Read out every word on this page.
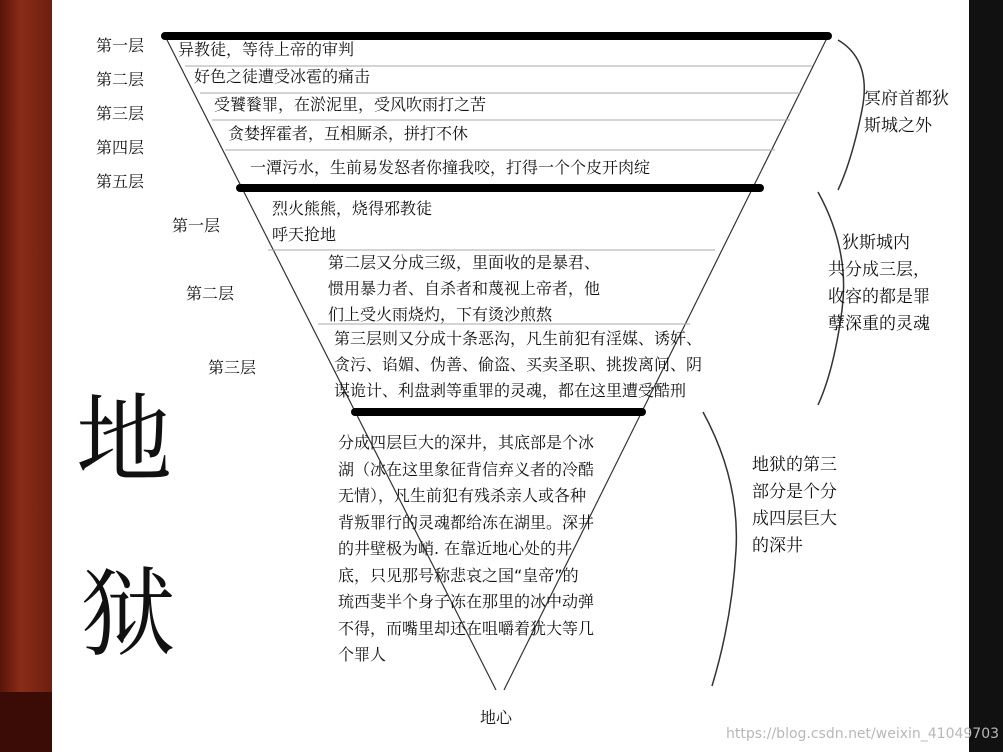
第一层
第二层
第三层
第四层
第五层
异教徒，等待上帝的审判
好色之徒遭受冰雹的痛击
受饕餮罪，在淤泥里，受风吹雨打之苦
贪婪挥霍者，互相厮杀，拼打不休
一潭污水，生前易发怒者你撞我咬，打得一个个皮开肉绽
冥府首都狄
斯城之外
第一层
第二层
第三层
烈火熊熊，烧得邪教徒
呼天抢地
第二层又分成三级，里面收的是暴君、
惯用暴力者、自杀者和蔑视上帝者，他
们上受火雨烧灼，下有烫沙煎熬
第三层则又分成十条恶沟，凡生前犯有淫媒、诱奸、
贪污、谄媚、伪善、偷盗、买卖圣职、挑拨离间、阴
谋诡计、利盘剥等重罪的灵魂，都在这里遭受酷刑
狄斯城内
共分成三层，
收容的都是罪
孽深重的灵魂
分成四层巨大的深井，其底部是个冰
湖（冰在这里象征背信弃义者的冷酷
无情），凡生前犯有残杀亲人或各种
背叛罪行的灵魂都给冻在湖里。深井
的井壁极为峭. 在靠近地心处的井
底，只见那号称悲哀之国“皇帝”的
琉西斐半个身子冻在那里的冰中动弹
不得，而嘴里却还在咀嚼着犹大等几
个罪人
地狱的第三
部分是个分
成四层巨大
的深井
地
狱
地心
https://blog.csdn.net/weixin_41049703
